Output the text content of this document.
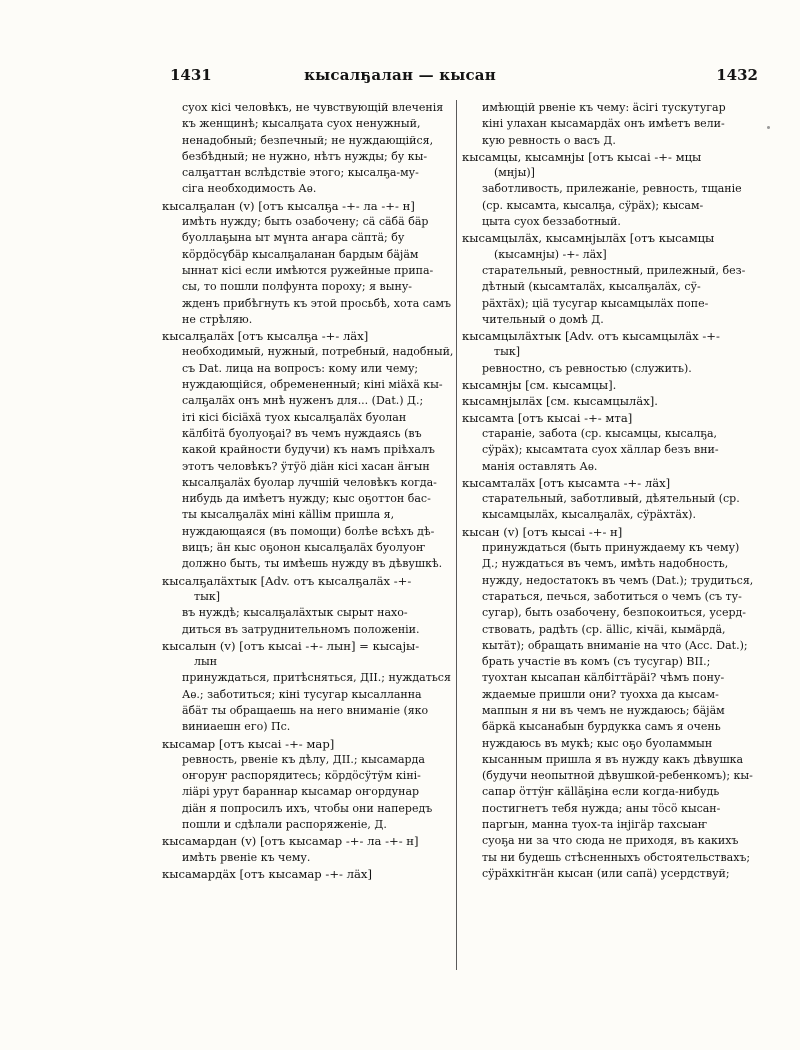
1431	кысалҕалан — кысан	1432
суох кісі человѣкъ, не чувствующій влеченія
къ женщинѣ; кысалҕата суох ненужный,
ненадобный; безпечный; не нуждающійся,
безбѣдный; не нужно, нѣтъ нужды; бу кы-
салҕаттан вслѣдствіе этого; кысалҕа-му-
сіга необходимость Аѳ.
кысалҕалан (v) [отъ кысалҕа -+- ла -+- н]
имѣть нужду; быть озабочену; сä сäбä бäр
буоллаҕына ыт мүнта аҥара сäптä; бу
кӧрдӧсүбäр кысалҕаланан бардым бäјäм
ыннат кісі если имѣются ружейные припа-
сы, то пошли полфунта пороху; я выну-
жденъ прибѣгнуть къ этой просьбѣ, хота самъ
не стрѣляю.
кысалҕалäх [отъ кысалҕа -+- лäх]
необходимый, нужный, потребный, надобный,
съ Dat. лица на вопросъ: кому или чему;
нуждающійся, обремененный; кіні мiäxä кы-
салҕалäх онъ мнѣ нуженъ для... (Dat.) Д.;
іті кісі бісіäxä туох кысалҕалäх буолан
кäлбітä буолуоҕаі? въ чемъ нуждаясь (въ
какой крайности будучи) къ намъ пріѣхалъ
этотъ человѣкъ? ӱтӱӧ діäн кісі хасан äҥын
кысалҕалäх буолар лучшій человѣкъ когда-
нибудь да имѣетъ нужду; кыс оҕоттон бас-
ты кысалҕалäх міні кällім пришла я,
нуждающаяся (въ помощи) болѣе всѣхъ дѣ-
вицъ; äн кыс оҕонон кысалҕалäх буолуоҥ
должно быть, ты имѣешь нужду въ дѣвушкѣ.
кысалҕалäхтык [Adv. отъ кысалҕалäх -+-
тык]
въ нуждѣ; кысалҕалäхтык сырыт нахо-
диться въ затруднительномъ положеніи.
кысалын (v) [отъ кысаі -+- лын] = кысајы-
лын
принуждаться, притѣсняться, ДІІ.; нуждаться
Аѳ.; заботиться; кіні тусугар кысалланна
äбäт ты обращаешь на него вниманіе (яко
виниаешн его) Пс.
кысамар [отъ кысаі -+- мар]
ревность, рвеніе къ дѣлу, ДІІ.; кысамарда
оҥоруҥ распорядитесь; кӧрдӧсӱтӱм кіні-
ліäрі урут бараннар кысамар оҥордунар
діäн я попросилъ ихъ, чтобы они напередъ
пошли и сдѣлали распоряженіе, Д.
кысамардан (v) [отъ кысамар -+- ла -+- н]
имѣть рвеніе къ чему.
кысамардäх [отъ кысамар -+- лäх]
имѣющій рвеніе къ чему: äсігі тускутугар
кіні улахан кысамардäх онъ имѣетъ вели-
кую ревность о васъ Д.
кысамцы, кысамнјы [отъ кысаі -+- мцы
(мнјы)]
заботливость, прилежаніе, ревность, тщаніе
(ср. кысамта, кысалҕа, сӱрäх); кысам-
цыта суох беззаботный.
кысамцылäх, кысамнјылäх [отъ кысамцы
(кысамнјы) -+- лäх]
старательный, ревностный, прилежный, без-
дѣтный (кысамталäх, кысалҕалäх, сӱ-
рäхтäх); ціä тусугар кысамцылäх попе-
чительный о домѣ Д.
кысамцылäхтык [Adv. отъ кысамцылäх -+-
тык]
ревностно, съ ревностью (служить).
кысамнјы [см. кысамцы].
кысамнјылäх [см. кысамцылäх].
кысамта [отъ кысаі -+- мта]
стараніе, забота (ср. кысамцы, кысалҕа,
сӱрäх); кысамтата суох хäллар безъ вни-
манія оставлять Аѳ.
кысамталäх [отъ кысамта -+- лäх]
старательный, заботливый, дѣятельный (ср.
кысамцылäх, кысалҕалäх, сӱрäхтäх).
кысан (v) [отъ кысаі -+- н]
принуждаться (быть принуждаему къ чему)
Д.; нуждаться въ чемъ, имѣть надобность,
нужду, недостатокъ въ чемъ (Dat.); трудиться,
стараться, печься, заботиться о чемъ (съ ту-
сугар), быть озабочену, безпокоиться, усерд-
ствовать, радѣть (ср. ällic, кічäі, кымäрдä,
кытäт); обращать вниманіе на что (Acc. Dat.);
брать участіе въ комъ (съ тусугар) ВІІ.;
туохтан кысапан кäлбіттäрäі? чѣмъ пону-
ждаемые пришли они? туохха да кысам-
маппын я ни въ чемъ не нуждаюсь; бäјäм
бäркä кысанабын бурдукка самъ я очень
нуждаюсь въ мукѣ; кыс оҕо буоламмын
кысанным пришла я въ нужду какъ дѣвушка
(будучи неопытной дѣвушкой-ребенкомъ); кы-
сапар ӧттӱҥ кällӓҕіна если когда-нибудь
постигнетъ тебя нужда; аны тӧсӧ кысан-
паргын, манна туох-та інјігäр тахсыаҥ
суоҕа ни за что сюда не приходя, въ какихъ
ты ни будешь стѣсненныхъ обстоятельствахъ;
сӱрäхкітҥäн кысан (или сапä) усердствуй;
